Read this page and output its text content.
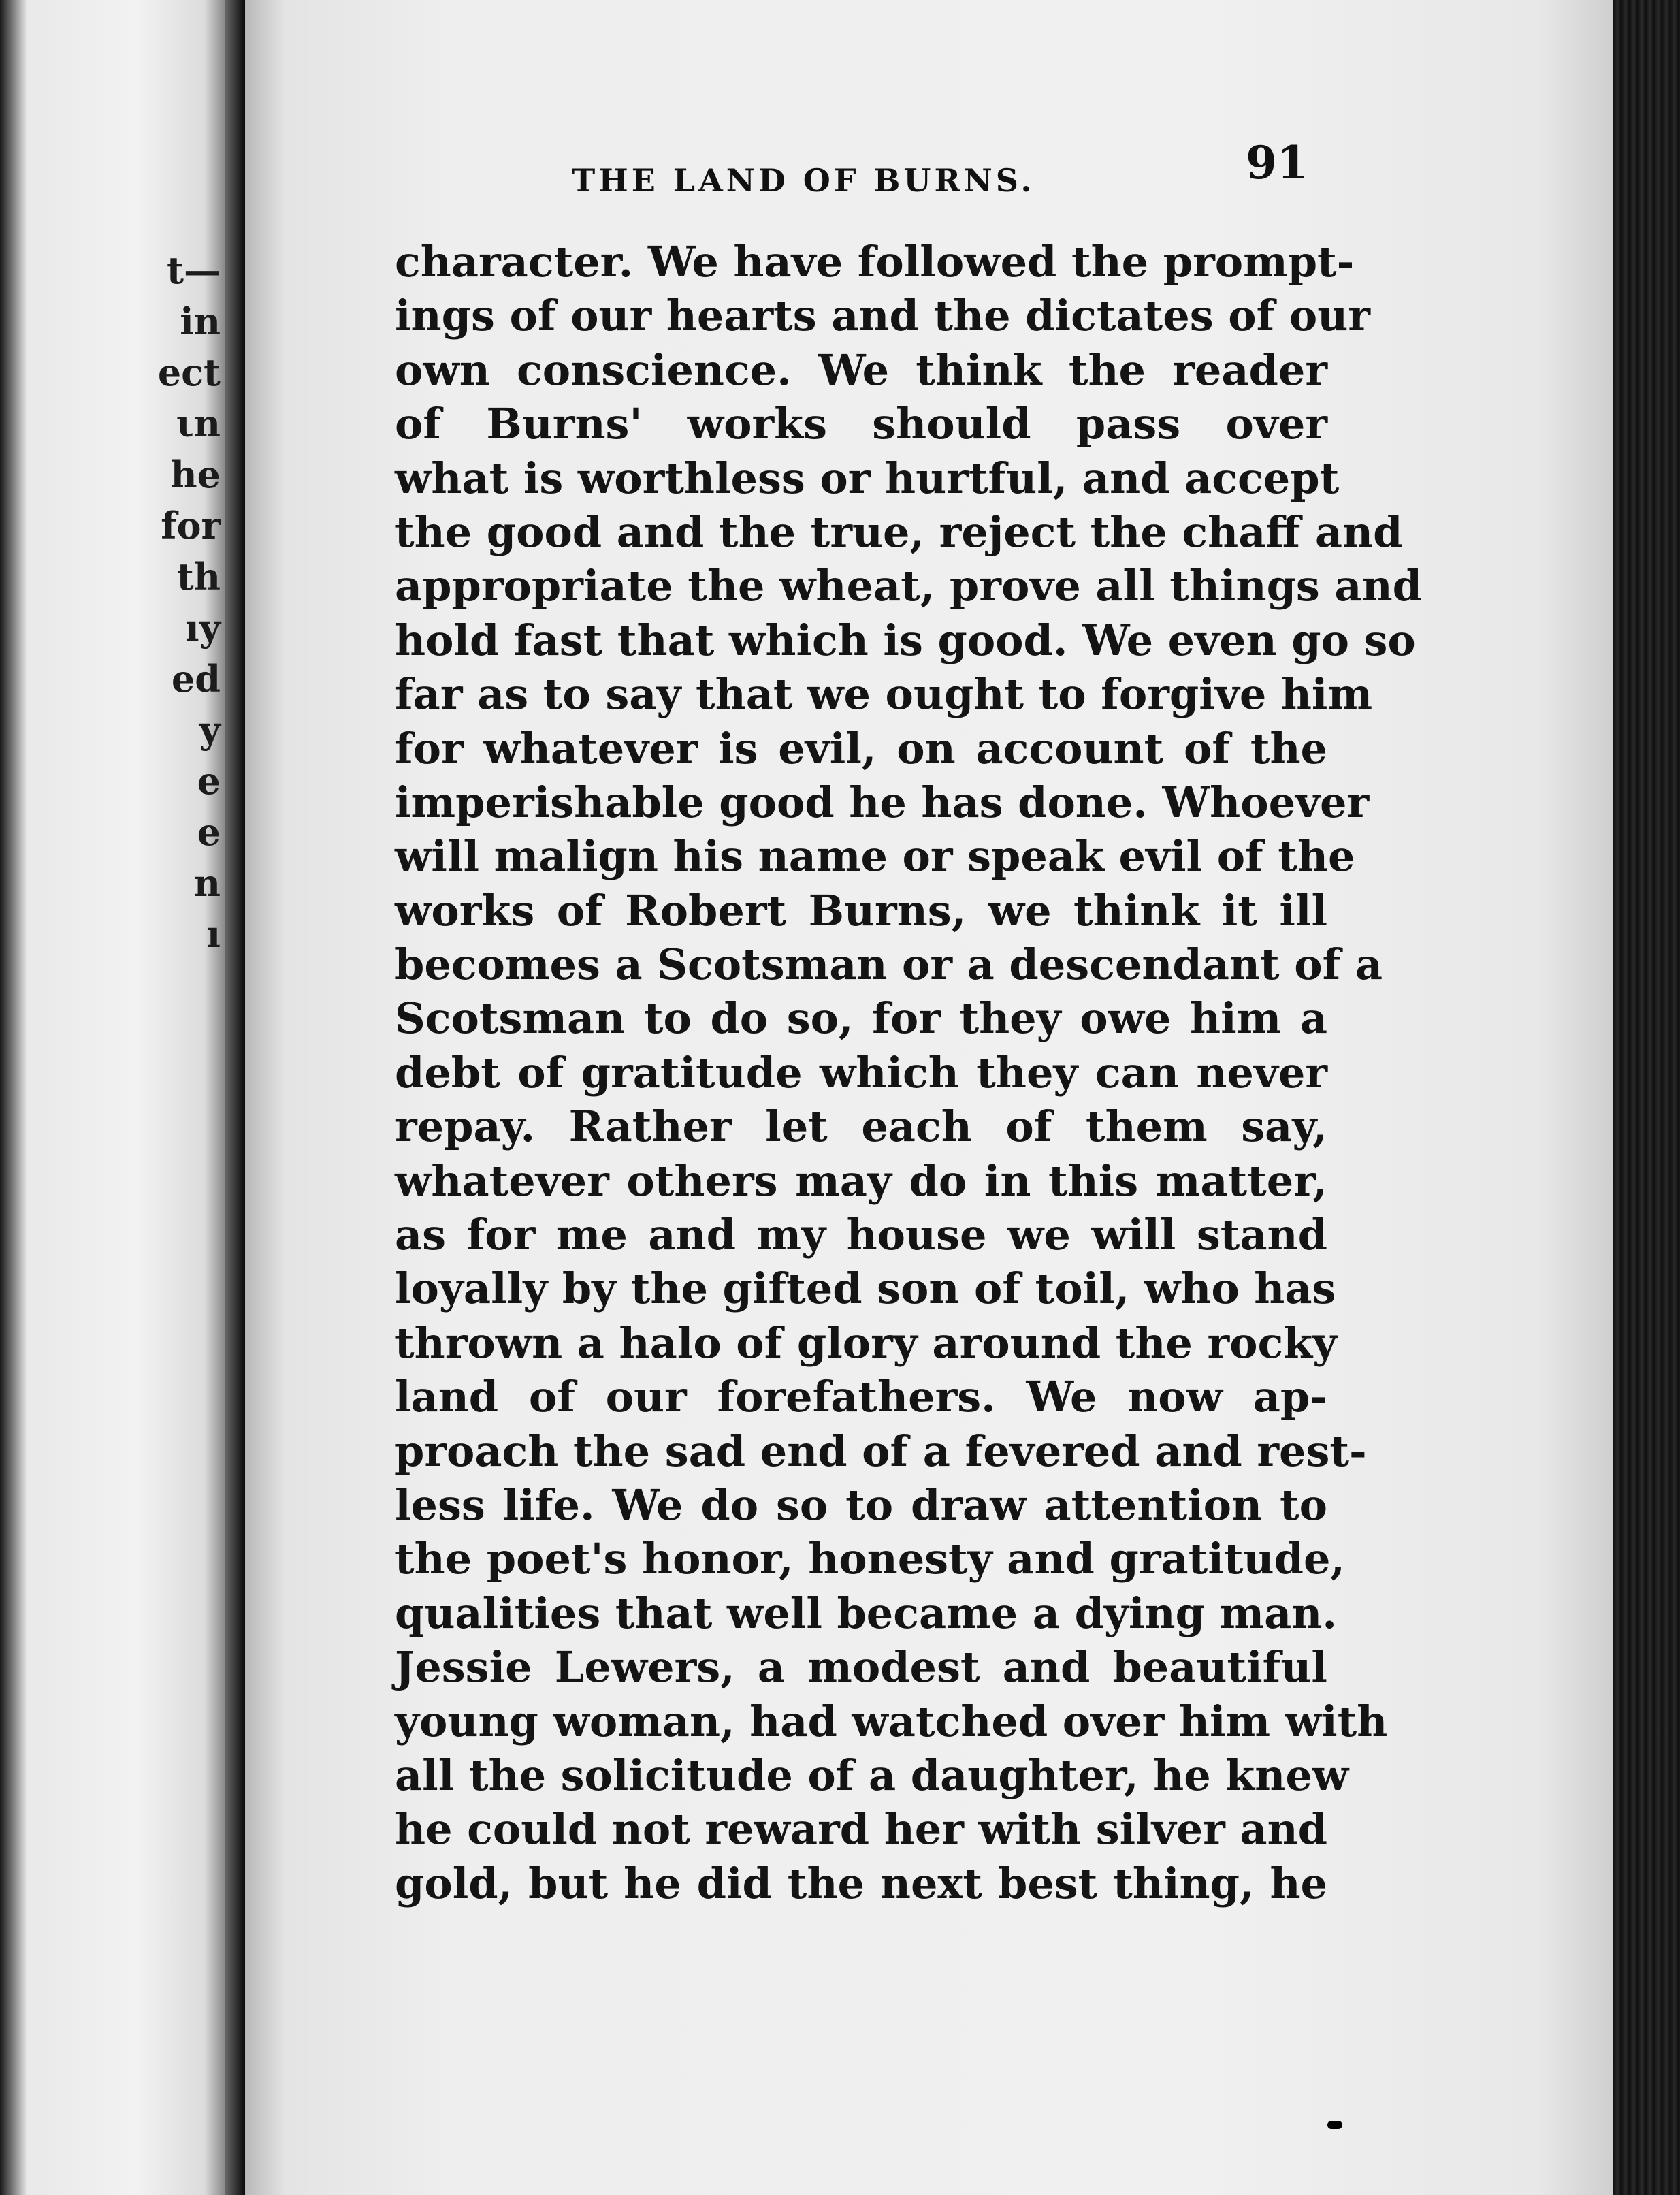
t—
in
ect
ιn
he
for
th
ıy
ed
y
e
e
n
ı
THE LAND OF BURNS.	91
character. We have followed the prompt-
ings of our hearts and the dictates of our
own conscience. We think the reader
of Burns' works should pass over
what is worthless or hurtful, and accept
the good and the true, reject the chaff and
appropriate the wheat, prove all things and
hold fast that which is good. We even go so
far as to say that we ought to forgive him
for whatever is evil, on account of the
imperishable good he has done. Whoever
will malign his name or speak evil of the
works of Robert Burns, we think it ill
becomes a Scotsman or a descendant of a
Scotsman to do so, for they owe him a
debt of gratitude which they can never
repay. Rather let each of them say,
whatever others may do in this matter,
as for me and my house we will stand
loyally by the gifted son of toil, who has
thrown a halo of glory around the rocky
land of our forefathers. We now ap-
proach the sad end of a fevered and rest-
less life. We do so to draw attention to
the poet's honor, honesty and gratitude,
qualities that well became a dying man.
Jessie Lewers, a modest and beautiful
young woman, had watched over him with
all the solicitude of a daughter, he knew
he could not reward her with silver and
gold, but he did the next best thing, he
